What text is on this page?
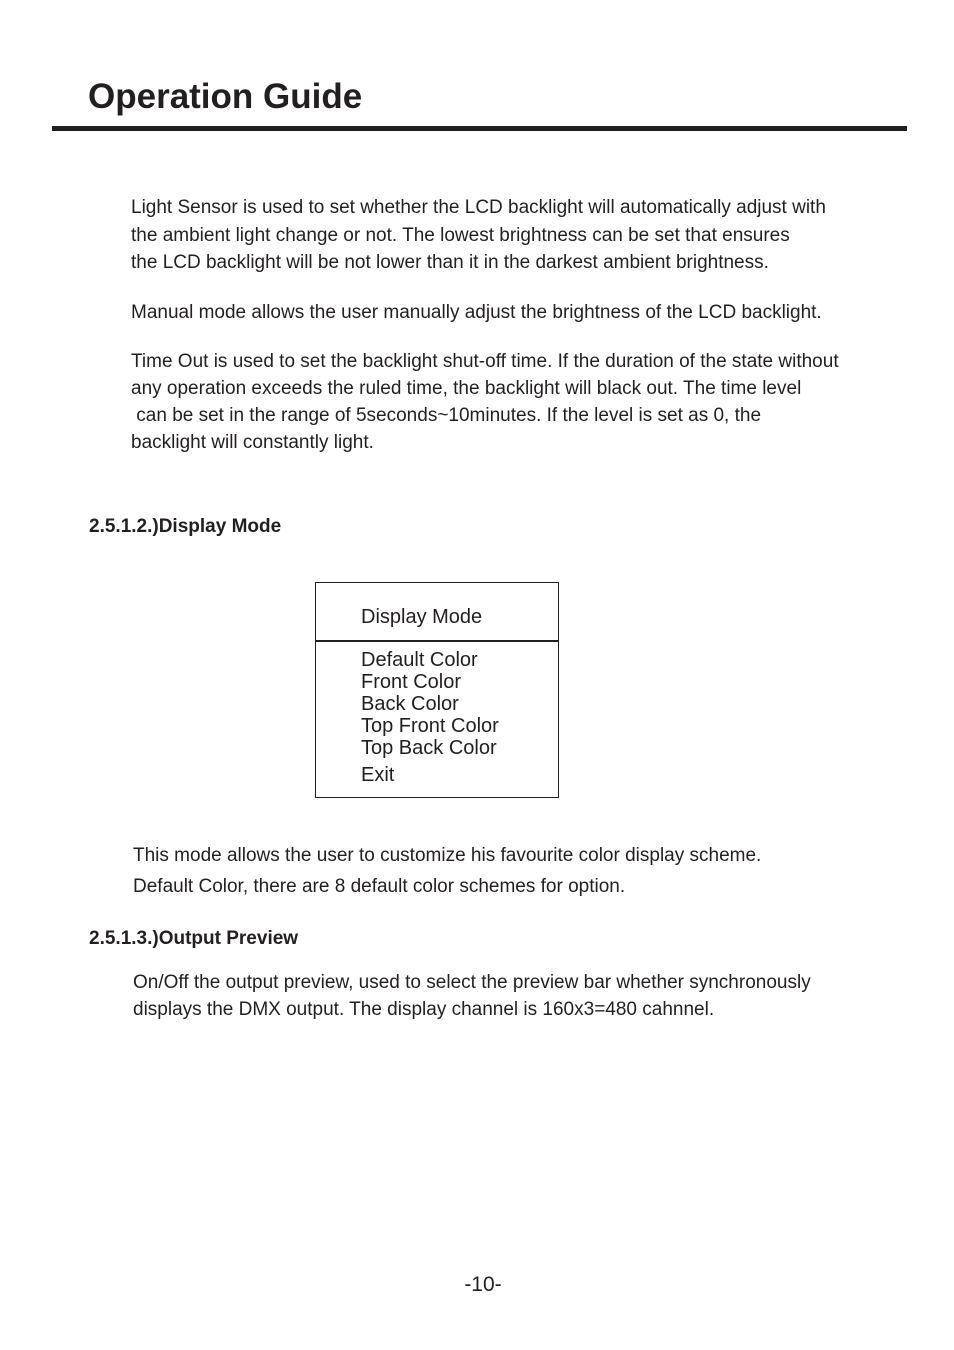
Operation Guide

Light Sensor is used to set whether the LCD backlight will automatically adjust with
the ambient light change or not. The lowest brightness can be set that ensures
the LCD backlight will be not lower than it in the darkest ambient brightness.

Manual mode allows the user manually adjust the brightness of the LCD backlight.

Time Out is used to set the backlight shut-off time. If the duration of the state without
any operation exceeds the ruled time, the backlight will black out. The time level
can be set in the range of 5seconds~10minutes. If the level is set as 0, the
backlight will constantly light.

2.5.1.2.)Display Mode
Display Mode
Default Color
Front Color
Back Color
Top Front Color
Top Back Color
Exit

This mode allows the user to customize his favourite color display scheme.
Default Color, there are 8 default color schemes for option.

2.5.1.3.)Output Preview

On/Off the output preview, used to select the preview bar whether synchronously
displays the DMX output. The display channel is 160x3=480 cahnnel.

-10-
